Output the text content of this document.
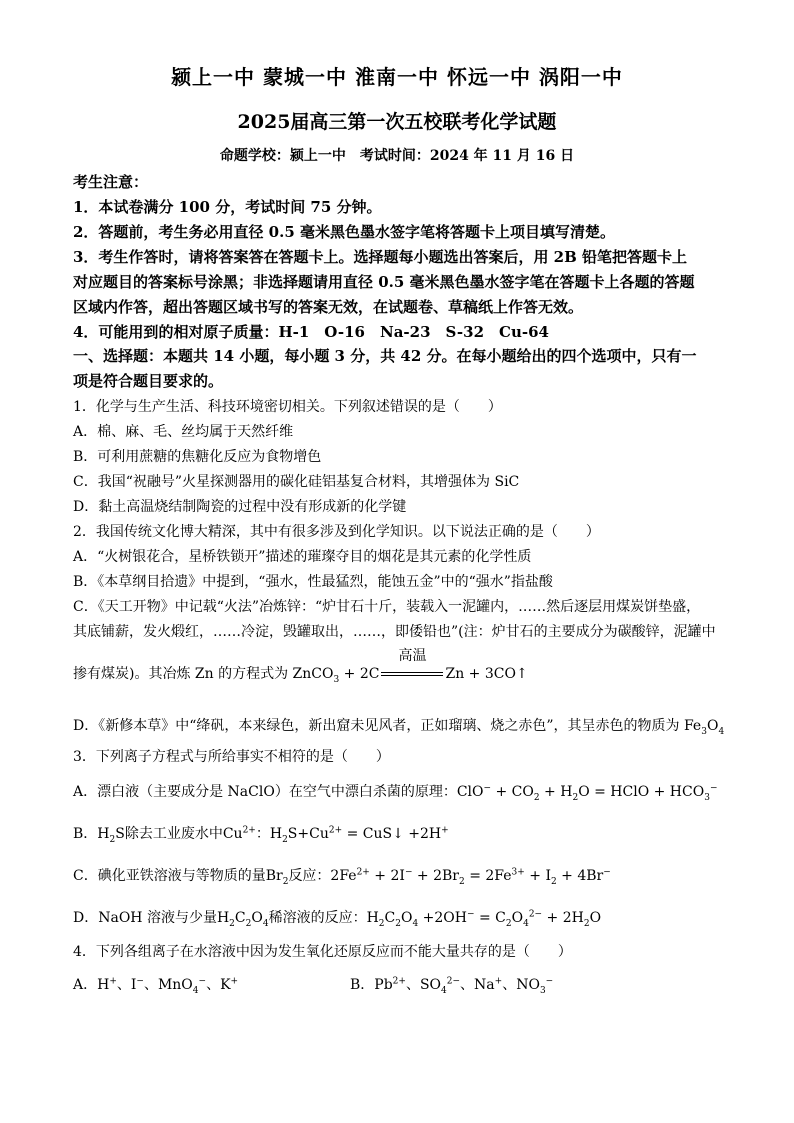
颍上一中 蒙城一中 淮南一中 怀远一中 涡阳一中
2025届高三第一次五校联考化学试题
命题学校：颍上一中　考试时间：2024 年 11 月 16 日
考生注意：
1．本试卷满分 100 分，考试时间 75 分钟。
2．答题前，考生务必用直径 0.5 毫米黑色墨水签字笔将答题卡上项目填写清楚。
3．考生作答时，请将答案答在答题卡上。选择题每小题选出答案后，用 2B 铅笔把答题卡上
对应题目的答案标号涂黑；非选择题请用直径 0.5 毫米黑色墨水签字笔在答题卡上各题的答题
区域内作答，超出答题区域书写的答案无效，在试题卷、草稿纸上作答无效。
4．可能用到的相对原子质量：H-1　O-16　Na-23　S-32　Cu-64
一、选择题：本题共 14 小题，每小题 3 分，共 42 分。在每小题给出的四个选项中，只有一
项是符合题目要求的。
1．化学与生产生活、科技环境密切相关。下列叙述错误的是（　　）
A．棉、麻、毛、丝均属于天然纤维
B．可利用蔗糖的焦糖化反应为食物增色
C．我国“祝融号”火星探测器用的碳化硅铝基复合材料，其增强体为 SiC
D．黏土高温烧结制陶瓷的过程中没有形成新的化学键
2．我国传统文化博大精深，其中有很多涉及到化学知识。以下说法正确的是（　　）
A．“火树银花合，星桥铁锁开”描述的璀璨夺目的烟花是其元素的化学性质
B．《本草纲目拾遗》中提到，“强水，性最猛烈，能蚀五金”中的“强水”指盐酸
C．《天工开物》中记载“火法”冶炼锌：“炉甘石十斤，装载入一泥罐内，……然后逐层用煤炭饼垫盛，
其底铺薪，发火煅红，……冷淀，毁罐取出，……，即倭铅也”(注：炉甘石的主要成分为碳酸锌，泥罐中
掺有煤炭)。其冶炼 Zn 的方程式为 ZnCO$_3$ + 2C
高温
Zn + 3CO↑
D．《新修本草》中“绛矾，本来绿色，新出窟未见风者，正如瑠璃、烧之赤色”，其呈赤色的物质为 $Fe_3O_4$
3．下列离子方程式与所给事实不相符的是（　　）
A．漂白液（主要成分是 NaClO）在空气中漂白杀菌的原理：$ClO^- + CO_2 + H_2O$ = HClO + $HCO_3^-$
B．$H_2S$除去工业废水中$Cu^{2+}$：$H_2S+Cu^{2+}$ = CuS↓ +2H+
C．碘化亚铁溶液与等物质的量$Br_2$反应：$2Fe^{2+} + 2I^- + 2Br_2 = 2Fe^{3+} + I_2 + 4Br^-$
D．NaOH 溶液与少量$H_2C_2O_4$稀溶液的反应：$H_2C_2O_4 +2OH^- = C_2O_4^{2-} + 2H_2O$
4．下列各组离子在水溶液中因为发生氧化还原反应而不能大量共存的是（　　）
A．H+、I−、MnO$_4$−、K+	B．$Pb^{2+}$、$SO_4^{2-}$、Na+、$NO_3^-$
